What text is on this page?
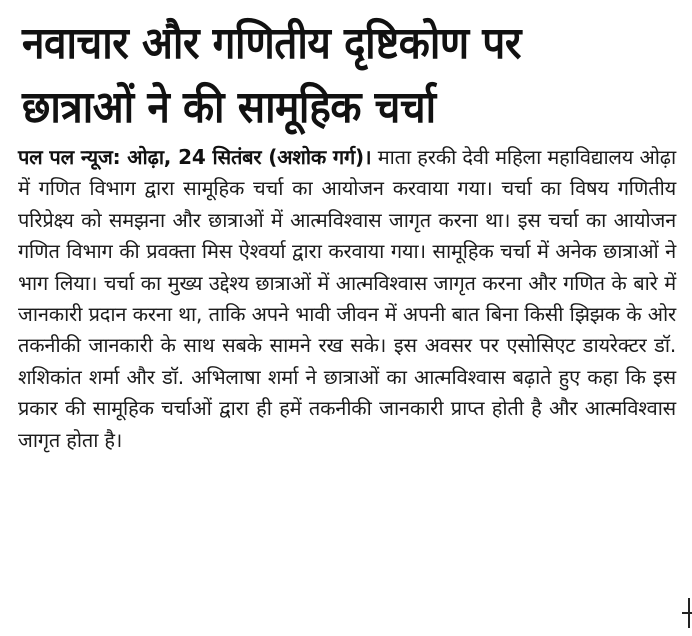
नवाचार और गणितीय दृष्टिकोण पर छात्राओं ने की सामूहिक चर्चा

पल पल न्यूज: ओढ़ा, 24 सितंबर (अशोक गर्ग)। माता हरकी देवी महिला महाविद्यालय ओढ़ा में गणित विभाग द्वारा सामूहिक चर्चा का आयोजन करवाया गया। चर्चा का विषय गणितीय परिप्रेक्ष्य को समझना और छात्राओं में आत्मविश्वास जागृत करना था। इस चर्चा का आयोजन गणित विभाग की प्रवक्ता मिस ऐश्वर्या द्वारा करवाया गया। सामूहिक चर्चा में अनेक छात्राओं ने भाग लिया। चर्चा का मुख्य उद्देश्य छात्राओं में आत्मविश्वास जागृत करना और गणित के बारे में जानकारी प्रदान करना था, ताकि अपने भावी जीवन में अपनी बात बिना किसी झिझक के ओर तकनीकी जानकारी के साथ सबके सामने रख सके। इस अवसर पर एसोसिएट डायरेक्टर डॉ. शशिकांत शर्मा और डॉ. अभिलाषा शर्मा ने छात्राओं का आत्मविश्वास बढ़ाते हुए कहा कि इस प्रकार की सामूहिक चर्चाओं द्वारा ही हमें तकनीकी जानकारी प्राप्त होती है और आत्मविश्वास जागृत होता है।
